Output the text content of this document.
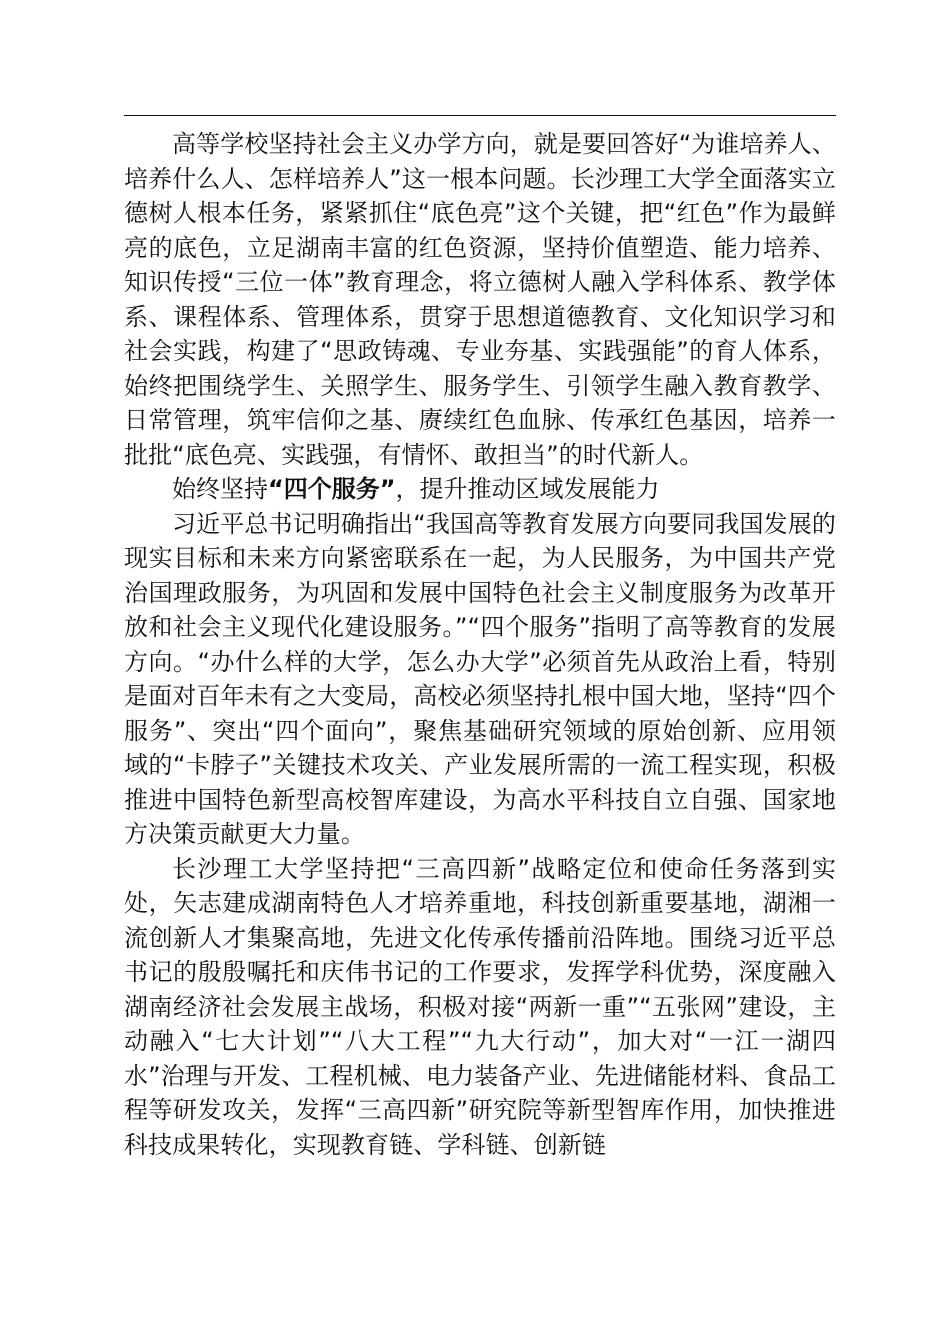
高等学校坚持社会主义办学方向，就是要回答好“为谁培养人、培养什么人、怎样培养人”这一根本问题。长沙理工大学全面落实立德树人根本任务，紧紧抓住“底色亮”这个关键，把“红色”作为最鲜亮的底色，立足湖南丰富的红色资源，坚持价值塑造、能力培养、知识传授“三位一体”教育理念，将立德树人融入学科体系、教学体系、课程体系、管理体系，贯穿于思想道德教育、文化知识学习和社会实践，构建了“思政铸魂、专业夯基、实践强能”的育人体系，始终把围绕学生、关照学生、服务学生、引领学生融入教育教学、日常管理，筑牢信仰之基、赓续红色血脉、传承红色基因，培养一批批“底色亮、实践强，有情怀、敢担当”的时代新人。

始终坚持“四个服务”，提升推动区域发展能力

习近平总书记明确指出“我国高等教育发展方向要同我国发展的现实目标和未来方向紧密联系在一起，为人民服务，为中国共产党治国理政服务，为巩固和发展中国特色社会主义制度服务为改革开放和社会主义现代化建设服务。”“四个服务”指明了高等教育的发展方向。“办什么样的大学，怎么办大学”必须首先从政治上看，特别是面对百年未有之大变局，高校必须坚持扎根中国大地，坚持“四个服务”、突出“四个面向”，聚焦基础研究领域的原始创新、应用领域的“卡脖子”关键技术攻关、产业发展所需的一流工程实现，积极推进中国特色新型高校智库建设，为高水平科技自立自强、国家地方决策贡献更大力量。

长沙理工大学坚持把“三高四新”战略定位和使命任务落到实处，矢志建成湖南特色人才培养重地，科技创新重要基地，湖湘一流创新人才集聚高地，先进文化传承传播前沿阵地。围绕习近平总书记的殷殷嘱托和庆伟书记的工作要求，发挥学科优势，深度融入湖南经济社会发展主战场，积极对接“两新一重”“五张网”建设，主动融入“七大计划”“八大工程”“九大行动”，加大对“一江一湖四水”治理与开发、工程机械、电力装备产业、先进储能材料、食品工程等研发攻关，发挥“三高四新”研究院等新型智库作用，加快推进科技成果转化，实现教育链、学科链、创新链
